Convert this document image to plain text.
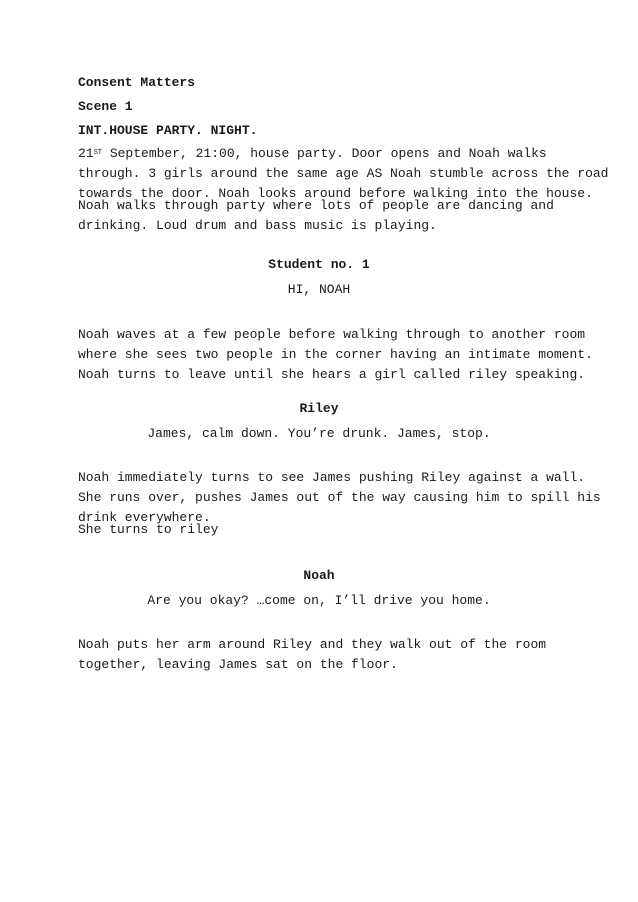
Consent Matters

Scene 1

INT.HOUSE PARTY. NIGHT.

21ST September, 21:00, house party. Door opens and Noah walks
through. 3 girls around the same age AS Noah stumble across the road
towards the door. Noah looks around before walking into the house.
Noah walks through party where lots of people are dancing and
drinking. Loud drum and bass music is playing.

Student no. 1

HI, NOAH

Noah waves at a few people before walking through to another room
where she sees two people in the corner having an intimate moment.
Noah turns to leave until she hears a girl called riley speaking.

Riley

James, calm down. You’re drunk. James, stop.

Noah immediately turns to see James pushing Riley against a wall.
She runs over, pushes James out of the way causing him to spill his
drink everywhere.

She turns to riley

Noah

Are you okay? …come on, I’ll drive you home.

Noah puts her arm around Riley and they walk out of the room
together, leaving James sat on the floor.
